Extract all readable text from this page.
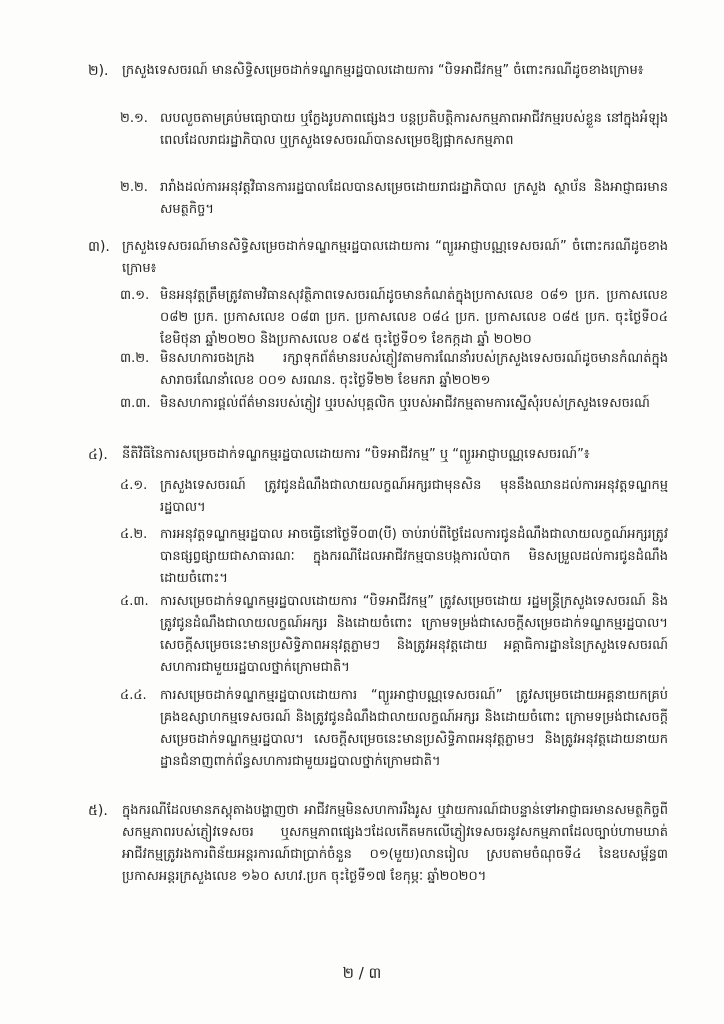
២). ក្រសួងទេសចរណ៍ មានសិទ្ធិសម្រេចដាក់ទណ្ឌកម្មរដ្ឋបាលដោយការ “បិទអាជីវកម្ម” ចំពោះករណីដូចខាងក្រោម៖
២.១. លបលួចតាមគ្រប់មធ្យោបាយ ឬក្លែងរូបភាពផ្សេងៗ បន្តប្រតិបត្តិការសកម្មភាពអាជីវកម្មរបស់ខ្លួន នៅក្នុងអំឡុងពេលដែលរាជរដ្ឋាភិបាល ឬក្រសួងទេសចរណ៍បានសម្រេចឱ្យផ្អាកសកម្មភាព
២.២. រារាំងដល់ការអនុវត្តវិធានការរដ្ឋបាលដែលបានសម្រេចដោយរាជរដ្ឋាភិបាល ក្រសួង ស្ថាប័ន និងអាជ្ញាធរមានសមត្ថកិច្ច។
៣). ក្រសួងទេសចរណ៍មានសិទ្ធិសម្រេចដាក់ទណ្ឌកម្មរដ្ឋបាលដោយការ “ព្យួរអាជ្ញាបណ្ណទេសចរណ៍” ចំពោះករណីដូចខាងក្រោម៖
៣.១. មិនអនុវត្តត្រឹមត្រូវតាមវិធានសុវត្ថិភាពទេសចរណ៍ដូចមានកំណត់ក្នុងប្រកាសលេខ ០៨១ ប្រក. ប្រកាសលេខ ០៨២ ប្រក. ប្រកាសលេខ ០៨៣ ប្រក. ប្រកាសលេខ ០៨៤ ប្រក. ប្រកាសលេខ ០៨៥ ប្រក. ចុះថ្ងៃទី០៤ ខែមិថុនា ឆ្នាំ២០២០ និងប្រកាសលេខ ០៩៥ ចុះថ្ងៃទី០១ ខែកក្កដា ឆ្នាំ ២០២០
៣.២. មិនសហការចងក្រង រក្សាទុកព័ត៌មានរបស់ភ្ញៀវតាមការណែនាំរបស់ក្រសួងទេសចរណ៍ដូចមានកំណត់ក្នុងសារាចរណែនាំលេខ ០០១ សរណន. ចុះថ្ងៃទី២២ ខែមករា ឆ្នាំ២០២១
៣.៣. មិនសហការផ្តល់ព័ត៌មានរបស់ភ្ញៀវ ឬរបស់បុគ្គលិក ឬរបស់អាជីវកម្មតាមការស្នើសុំរបស់ក្រសួងទេសចរណ៍
៤). នីតិវិធីនៃការសម្រេចដាក់ទណ្ឌកម្មរដ្ឋបាលដោយការ “បិទអាជីវកម្ម” ឬ “ព្យួរអាជ្ញាបណ្ណទេសចរណ៍”៖
៤.១. ក្រសួងទេសចរណ៍ ត្រូវជូនដំណឹងជាលាយលក្ខណ៍អក្សរជាមុនសិន មុននឹងឈានដល់ការអនុវត្តទណ្ឌកម្មរដ្ឋបាល។
៤.២. ការអនុវត្តទណ្ឌកម្មរដ្ឋបាល អាចធ្វើនៅថ្ងៃទី០៣(បី) ចាប់រាប់ពីថ្ងៃដែលការជូនដំណឹងជាលាយលក្ខណ៍អក្សរត្រូវបានផ្សព្វផ្សាយជាសាធារណៈ ក្នុងករណីដែលអាជីវកម្មបានបង្កការលំបាក មិនសម្រួលដល់ការជូនដំណឹងដោយចំពោះ។
៤.៣. ការសម្រេចដាក់ទណ្ឌកម្មរដ្ឋបាលដោយការ “បិទអាជីវកម្ម” ត្រូវសម្រេចដោយ រដ្ឋមន្ត្រីក្រសួងទេសចរណ៍ និងត្រូវជូនដំណឹងជាលាយលក្ខណ៍អក្សរ និងដោយចំពោះ ក្រោមទម្រង់ជាសេចក្តីសម្រេចដាក់ទណ្ឌកម្មរដ្ឋបាល។ សេចក្តីសម្រេចនេះមានប្រសិទ្ធិភាពអនុវត្តភ្លាមៗ និងត្រូវអនុវត្តដោយ អគ្គាធិការដ្ឋាននៃក្រសួងទេសចរណ៍ សហការជាមួយរដ្ឋបាលថ្នាក់ក្រោមជាតិ។
៤.៤. ការសម្រេចដាក់ទណ្ឌកម្មរដ្ឋបាលដោយការ “ព្យួរអាជ្ញាបណ្ណទេសចរណ៍” ត្រូវសម្រេចដោយអគ្គនាយកគ្រប់គ្រងឧស្សាហកម្មទេសចរណ៍ និងត្រូវជូនដំណឹងជាលាយលក្ខណ៍អក្សរ និងដោយចំពោះ ក្រោមទម្រង់ជាសេចក្តីសម្រេចដាក់ទណ្ឌកម្មរដ្ឋបាល។ សេចក្តីសម្រេចនេះមានប្រសិទ្ធិភាពអនុវត្តភ្លាមៗ និងត្រូវអនុវត្តដោយនាយកដ្ឋានជំនាញពាក់ព័ន្ធសហការជាមួយរដ្ឋបាលថ្នាក់ក្រោមជាតិ។
៥). ក្នុងករណីដែលមានភស្តុតាងបង្ហាញថា អាជីវកម្មមិនសហការរឹងរូស ឬវាយការណ៍ជាបន្ទាន់ទៅអាជ្ញាធរមានសមត្ថកិច្ចពីសកម្មភាពរបស់ភ្ញៀវទេសចរ ឬសកម្មភាពផ្សេងៗដែលកើតមកលើភ្ញៀវទេសចរនូវសកម្មភាពដែលច្បាប់ហាមឃាត់ អាជីវកម្មត្រូវរងការពិន័យអន្តរការណ៍ជាប្រាក់ចំនួន ០១(មួយ)លានរៀល ស្របតាមចំណុចទី៤ នៃឧបសម្ព័ន្ធ៣ ប្រកាសអន្តរក្រសួងលេខ ១៦០ សហវ.ប្រក ចុះថ្ងៃទី១៧ ខែកុម្ភៈ ឆ្នាំ២០២០។
២ / ៣
